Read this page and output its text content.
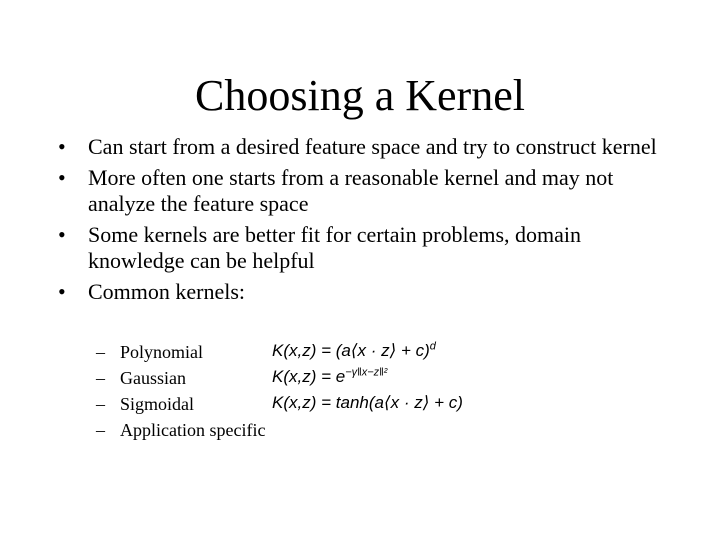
Choosing a Kernel
• Can start from a desired feature space and try to construct kernel
• More often one starts from a reasonable kernel and may not analyze the feature space
• Some kernels are better fit for certain problems, domain knowledge can be helpful
• Common kernels:
– Polynomial
– Gaussian
– Sigmoidal
– Application specific
K(x,z) = (a⟨x · z⟩ + c)$^d$
$K(x,z) = e^{-\gamma‖x-z‖^2}$
K(x,z) = tanh(a⟨x · z⟩ + c)
